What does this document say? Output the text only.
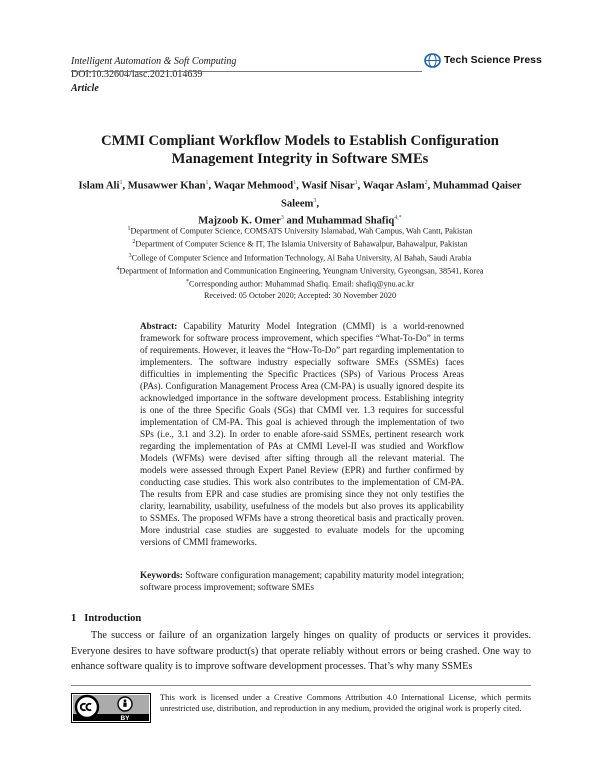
Intelligent Automation & Soft Computing
DOI:10.32604/iasc.2021.014639
Article
Tech Science Press
CMMI Compliant Workflow Models to Establish Configuration Management Integrity in Software SMEs
Islam Ali$^1$, Musawwer Khan$^1$, Waqar Mehmood$^1$, Wasif Nisar$^1$, Waqar Aslam$^2$, Muhammad Qaiser Saleem$^3$,
Majzoob K. Omer$^3$ and Muhammad Shafiq$^{4,*}$
$^1$Department of Computer Science, COMSATS University Islamabad, Wah Campus, Wah Cantt, Pakistan
$^2$Department of Computer Science & IT, The Islamia University of Bahawalpur, Bahawalpur, Pakistan
$^3$College of Computer Science and Information Technology, Al Baha University, Al Bahah, Saudi Arabia
$^4$Department of Information and Communication Engineering, Yeungnam University, Gyeongsan, 38541, Korea
*Corresponding author: Muhammad Shafiq. Email: shafiq@ynu.ac.kr
Received: 05 October 2020; Accepted: 30 November 2020
Abstract: Capability Maturity Model Integration (CMMI) is a world-renowned framework for software process improvement, which specifies “What-To-Do” in terms of requirements. However, it leaves the “How-To-Do” part regarding implementation to implementers. The software industry especially software SMEs (SSMEs) faces difficulties in implementing the Specific Practices (SPs) of Various Process Areas (PAs). Configuration Management Process Area (CM-PA) is usually ignored despite its acknowledged importance in the software development process. Establishing integrity is one of the three Specific Goals (SGs) that CMMI ver. 1.3 requires for successful implementation of CM-PA. This goal is achieved through the implementation of two SPs (i.e., 3.1 and 3.2). In order to enable afore-said SSMEs, pertinent research work regarding the implementation of PAs at CMMI Level-II was studied and Workflow Models (WFMs) were devised after sifting through all the relevant material. The models were assessed through Expert Panel Review (EPR) and further confirmed by conducting case studies. This work also contributes to the implementation of CM-PA. The results from EPR and case studies are promising since they not only testifies the clarity, learnability, usability, usefulness of the models but also proves its applicability to SSMEs. The proposed WFMs have a strong theoretical basis and practically proven. More industrial case studies are suggested to evaluate models for the upcoming versions of CMMI frameworks.
Keywords: Software configuration management; capability maturity model integration; software process improvement; software SMEs
1 Introduction
The success or failure of an organization largely hinges on quality of products or services it provides. Everyone desires to have software product(s) that operate reliably without errors or being crashed. One way to enhance software quality is to improve software development processes. That’s why many SSMEs
BY
This work is licensed under a Creative Commons Attribution 4.0 International License, which permits unrestricted use, distribution, and reproduction in any medium, provided the original work is properly cited.
